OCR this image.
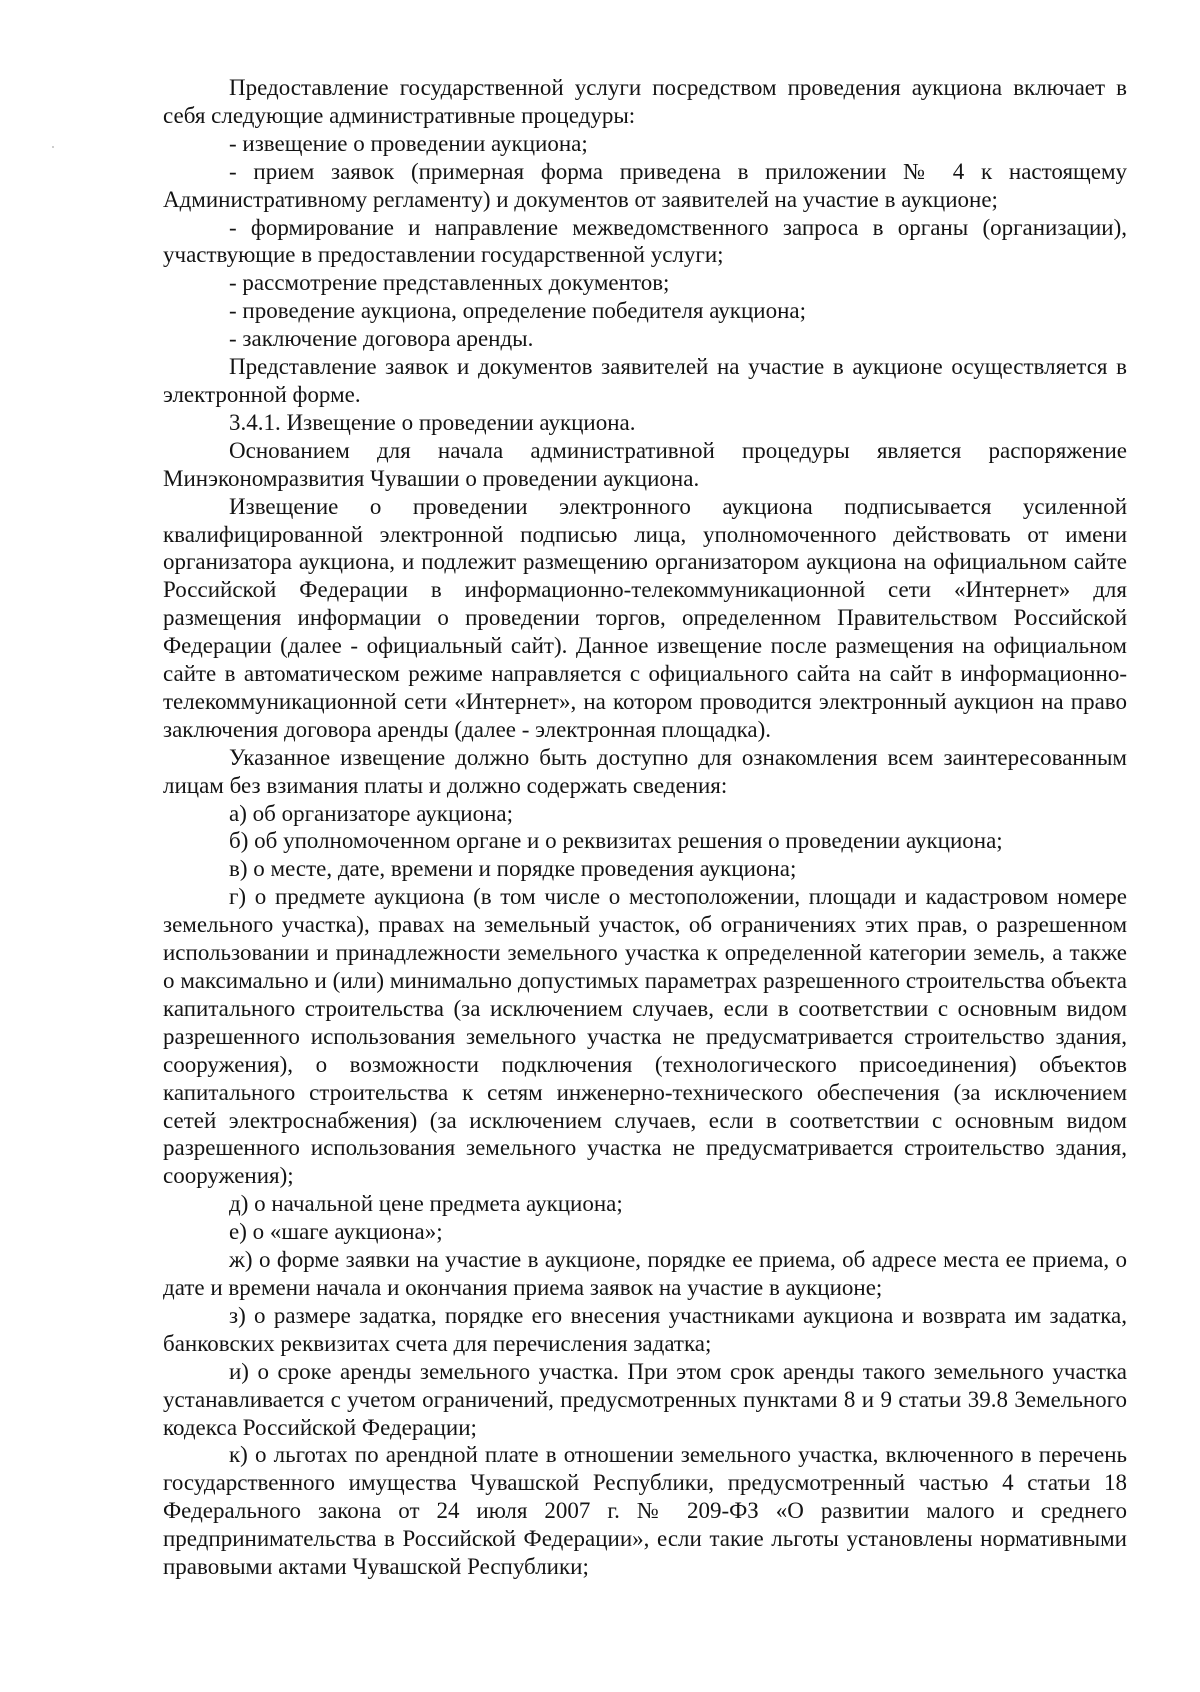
Предоставление государственной услуги посредством проведения аукциона включает в себя следующие административные процедуры:

- извещение о проведении аукциона;

- прием заявок (примерная форма приведена в приложении № 4 к настоящему Административному регламенту) и документов от заявителей на участие в аукционе;

- формирование и направление межведомственного запроса в органы (организации), участвующие в предоставлении государственной услуги;

- рассмотрение представленных документов;

- проведение аукциона, определение победителя аукциона;

- заключение договора аренды.

Представление заявок и документов заявителей на участие в аукционе осуществляется в электронной форме.

3.4.1. Извещение о проведении аукциона.

Основанием для начала административной процедуры является распоряжение Минэкономразвития Чувашии о проведении аукциона.

Извещение о проведении электронного аукциона подписывается усиленной квалифицированной электронной подписью лица, уполномоченного действовать от имени организатора аукциона, и подлежит размещению организатором аукциона на официальном сайте Российской Федерации в информационно-телекоммуникационной сети «Интернет» для размещения информации о проведении торгов, определенном Правительством Российской Федерации (далее - официальный сайт). Данное извещение после размещения на официальном сайте в автоматическом режиме направляется с официального сайта на сайт в информационно-телекоммуникационной сети «Интернет», на котором проводится электронный аукцион на право заключения договора аренды (далее - электронная площадка).

Указанное извещение должно быть доступно для ознакомления всем заинтересованным лицам без взимания платы и должно содержать сведения:

а) об организаторе аукциона;

б) об уполномоченном органе и о реквизитах решения о проведении аукциона;

в) о месте, дате, времени и порядке проведения аукциона;

г) о предмете аукциона (в том числе о местоположении, площади и кадастровом номере земельного участка), правах на земельный участок, об ограничениях этих прав, о разрешенном использовании и принадлежности земельного участка к определенной категории земель, а также о максимально и (или) минимально допустимых параметрах разрешенного строительства объекта капитального строительства (за исключением случаев, если в соответствии с основным видом разрешенного использования земельного участка не предусматривается строительство здания, сооружения), о возможности подключения (технологического присоединения) объектов капитального строительства к сетям инженерно-технического обеспечения (за исключением сетей электроснабжения) (за исключением случаев, если в соответствии с основным видом разрешенного использования земельного участка не предусматривается строительство здания, сооружения);

д) о начальной цене предмета аукциона;

е) о «шаге аукциона»;

ж) о форме заявки на участие в аукционе, порядке ее приема, об адресе места ее приема, о дате и времени начала и окончания приема заявок на участие в аукционе;

з) о размере задатка, порядке его внесения участниками аукциона и возврата им задатка, банковских реквизитах счета для перечисления задатка;

и) о сроке аренды земельного участка. При этом срок аренды такого земельного участка устанавливается с учетом ограничений, предусмотренных пунктами 8 и 9 статьи 39.8 Земельного кодекса Российской Федерации;

к) о льготах по арендной плате в отношении земельного участка, включенного в перечень государственного имущества Чувашской Республики, предусмотренный частью 4 статьи 18 Федерального закона от 24 июля 2007 г. № 209-ФЗ «О развитии малого и среднего предпринимательства в Российской Федерации», если такие льготы установлены нормативными правовыми актами Чувашской Республики;
